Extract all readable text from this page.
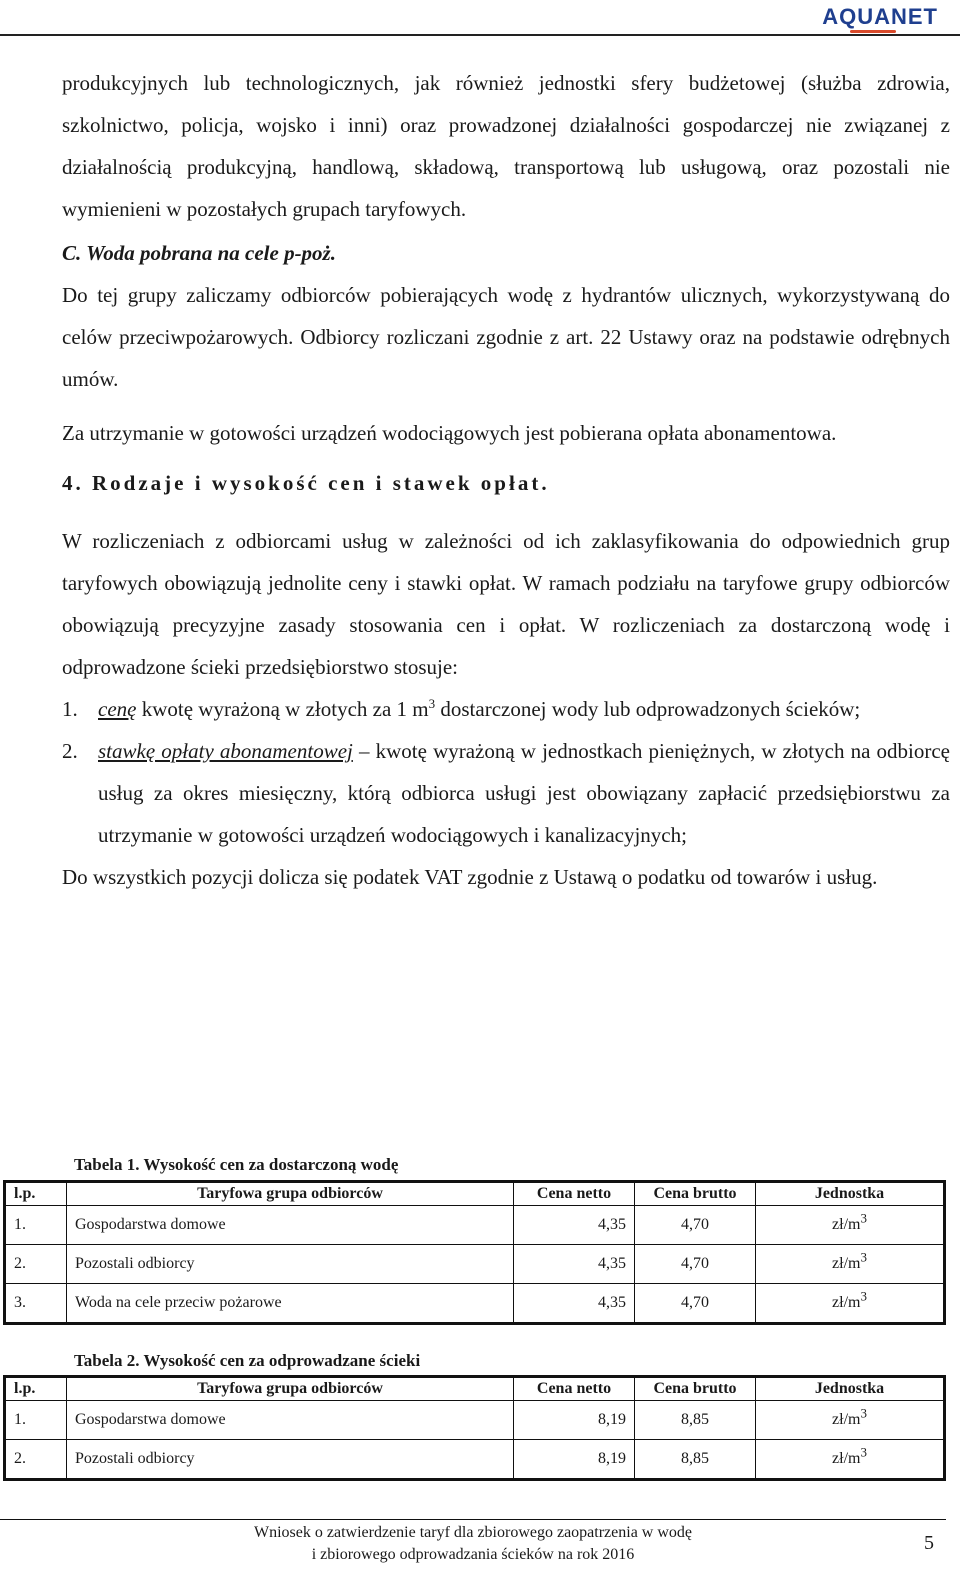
AQUANET

produkcyjnych lub technologicznych, jak również jednostki sfery budżetowej (służba zdrowia, szkolnictwo, policja, wojsko i inni) oraz prowadzonej działalności gospodarczej nie związanej z działalnością produkcyjną, handlową, składową, transportową lub usługową, oraz pozostali nie wymienieni w pozostałych grupach taryfowych.

C. Woda pobrana na cele p-poż.

Do tej grupy zaliczamy odbiorców pobierających wodę z hydrantów ulicznych, wykorzystywaną do celów przeciwpożarowych. Odbiorcy rozliczani zgodnie z art. 22 Ustawy oraz na podstawie odrębnych umów.

Za utrzymanie w gotowości urządzeń wodociągowych jest pobierana opłata abonamentowa.

4. Rodzaje i wysokość cen i stawek opłat.

W rozliczeniach z odbiorcami usług w zależności od ich zaklasyfikowania do odpowiednich grup taryfowych obowiązują jednolite ceny i stawki opłat. W ramach podziału na taryfowe grupy odbiorców obowiązują precyzyjne zasady stosowania cen i opłat. W rozliczeniach za dostarczoną wodę i odprowadzone ścieki przedsiębiorstwo stosuje:

1. cenę kwotę wyrażoną w złotych za 1 $m^3$ dostarczonej wody lub odprowadzonych ścieków;
2. stawkę opłaty abonamentowej – kwotę wyrażoną w jednostkach pieniężnych, w złotych na odbiorcę usług za okres miesięczny, którą odbiorca usługi jest obowiązany zapłacić przedsiębiorstwu za utrzymanie w gotowości urządzeń wodociągowych i kanalizacyjnych;

Do wszystkich pozycji dolicza się podatek VAT zgodnie z Ustawą o podatku od towarów i usług.

Tabela 1. Wysokość cen za dostarczoną wodę
l.p.	Taryfowa grupa odbiorców	Cena netto	Cena brutto	Jednostka
1.	Gospodarstwa domowe	4,35	4,70	$zł/m^3$
2.	Pozostali odbiorcy	4,35	4,70	$zł/m^3$
3.	Woda na cele przeciw pożarowe	4,35	4,70	$zł/m^3$
Tabela 2. Wysokość cen za odprowadzane ścieki
l.p.	Taryfowa grupa odbiorców	Cena netto	Cena brutto	Jednostka
1.	Gospodarstwa domowe	8,19	8,85	$zł/m^3$
2.	Pozostali odbiorcy	8,19	8,85	$zł/m^3$
Wniosek o zatwierdzenie taryf dla zbiorowego zaopatrzenia w wodę
i zbiorowego odprowadzania ścieków na rok 2016
5
